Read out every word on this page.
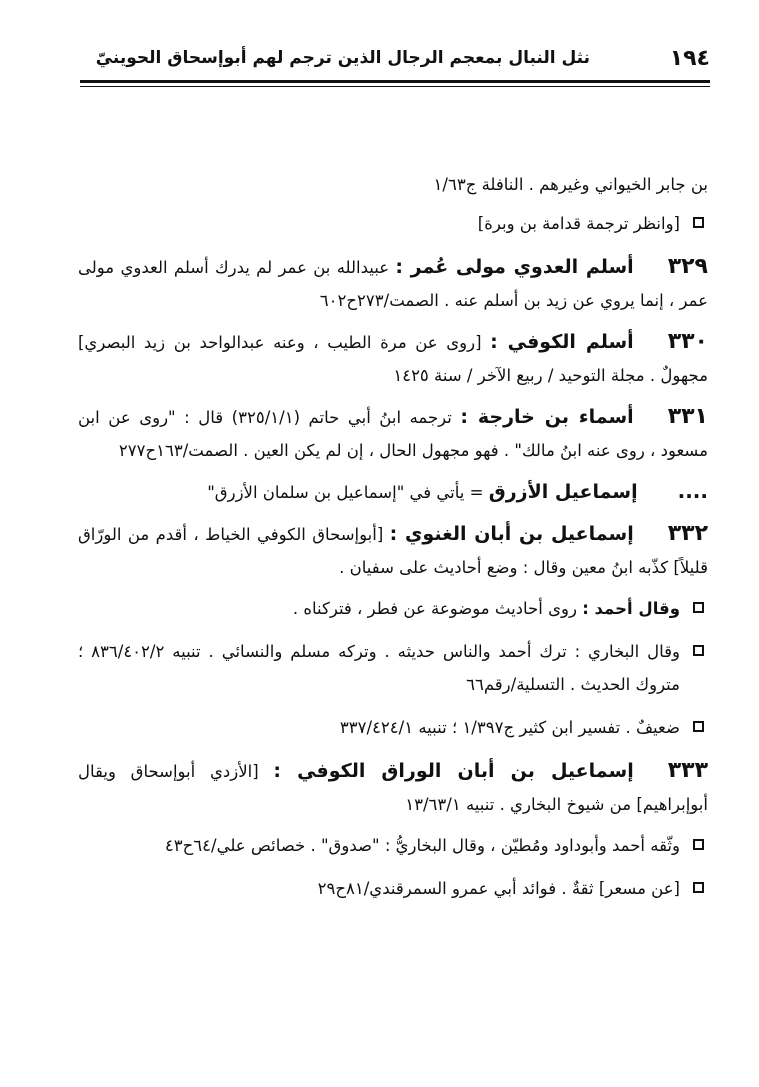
١٩٤
نثل النبال بمعجم الرجال الذين ترجم لهم أبوإسحاق الحوينيّ

بن جابر الخيواني وغيرهم . النافلة ج١/٦٣

[وانظر ترجمة قدامة بن وبرة]

٣٢٩أسلم العدوي مولى عُمر : عبيدالله بن عمر لم يدرك أسلم العدوي مولى عمر ، إنما يروي عن زيد بن أسلم عنه . الصمت/٢٧٣ح٦٠٢

٣٣٠أسلم الكوفي : [روى عن مرة الطيب ، وعنه عبدالواحد بن زيد البصري] مجهولٌ . مجلة التوحيد / ربيع الآخر / سنة ١٤٢٥

٣٣١أسماء بن خارجة : ترجمه ابنُ أبي حاتم (٣٢٥/١/١) قال : "روى عن ابن مسعود ، روى عنه ابنُ مالك" . فهو مجهول الحال ، إن لم يكن العين . الصمت/١٦٣ح٢٧٧

....إسماعيل الأزرق = يأتي في "إسماعيل بن سلمان الأزرق"

٣٣٢إسماعيل بن أبان الغنوي : [أبوإسحاق الكوفي الخياط ، أقدم من الورّاق قليلاً] كذّبه ابنُ معين وقال : وضع أحاديث على سفيان .

وقال أحمد : روى أحاديث موضوعة عن فطر ، فتركناه .
وقال البخاري : ترك أحمد والناس حديثه . وتركه مسلم والنسائي . تنبيه ٨٣٦/٤٠٢/٢ ؛ متروك الحديث . التسلية/رقم٦٦
ضعيفٌ . تفسير ابن كثير ج١/٣٩٧ ؛ تنبيه ٣٣٧/٤٢٤/١

٣٣٣إسماعيل بن أبان الوراق الكوفي : [الأزدي أبوإسحاق ويقال أبوإبراهيم] من شيوخ البخاري . تنبيه ١٣/٦٣/١

وثّقه أحمد وأبوداود ومُطيّن ، وقال البخاريُّ : "صدوق" . خصائص علي/٦٤ح٤٣
[عن مسعر] ثقةٌ . فوائد أبي عمرو السمرقندي/٨١ح٢٩
